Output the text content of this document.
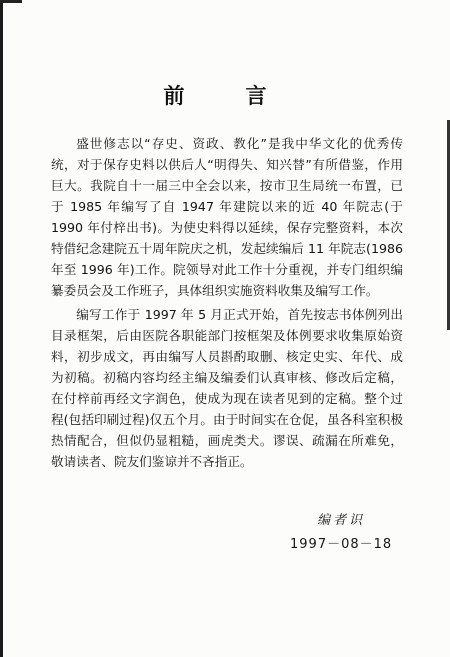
前　言

盛世修志以“存史、资政、教化”是我中华文化的优秀传统，对于保存史料以供后人“明得失、知兴替”有所借鉴，作用巨大。我院自十一届三中全会以来，按市卫生局统一布置，已于 1985 年编写了自 1947 年建院以来的近 40 年院志(于 1990 年付梓出书)。为使史料得以延续，保存完整资料，本次特借纪念建院五十周年院庆之机，发起续编后 11 年院志(1986 年至 1996 年)工作。院领导对此工作十分重视，并专门组织编纂委员会及工作班子，具体组织实施资料收集及编写工作。

编写工作于 1997 年 5 月正式开始，首先按志书体例列出目录框架，后由医院各职能部门按框架及体例要求收集原始资料，初步成文，再由编写人员斟酌取删、核定史实、年代、成为初稿。初稿内容均经主编及编委们认真审核、修改后定稿，在付梓前再经文字润色，使成为现在读者见到的定稿。整个过程(包括印刷过程)仅五个月。由于时间实在仓促，虽各科室积极热情配合，但似仍显粗糙，画虎类犬。谬误、疏漏在所难免，敬请读者、院友们鉴谅并不吝指正。

编者识
1997－08－18
